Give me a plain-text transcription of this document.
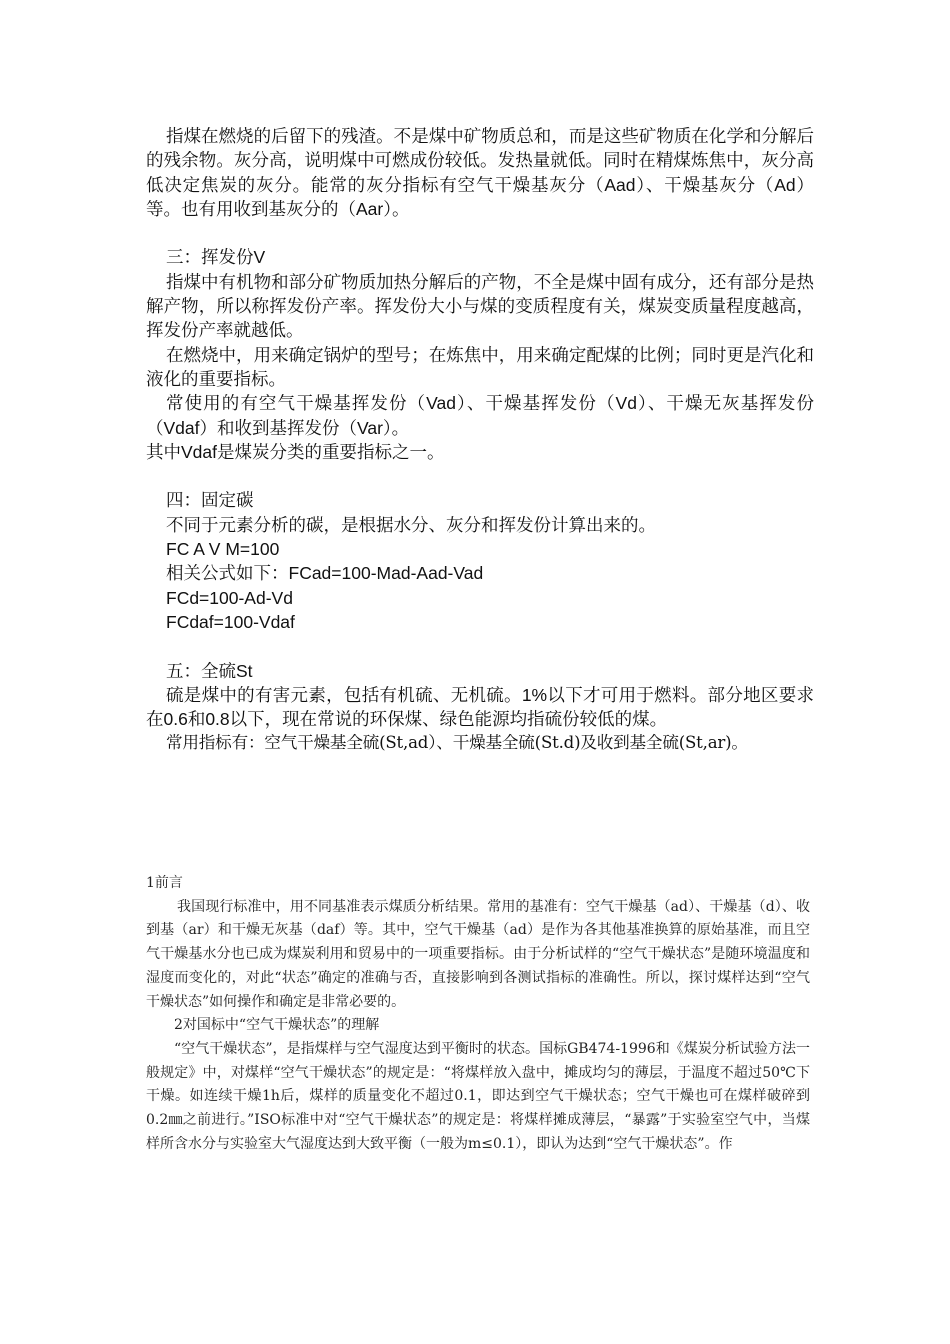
指煤在燃烧的后留下的残渣。不是煤中矿物质总和，而是这些矿物质在化学和分解后的残余物。灰分高，说明煤中可燃成份较低。发热量就低。同时在精煤炼焦中，灰分高低决定焦炭的灰分。能常的灰分指标有空气干燥基灰分（Aad）、干燥基灰分（Ad）等。也有用收到基灰分的（Aar）。

三：挥发份V

指煤中有机物和部分矿物质加热分解后的产物，不全是煤中固有成分，还有部分是热解产物，所以称挥发份产率。挥发份大小与煤的变质程度有关，煤炭变质量程度越高，挥发份产率就越低。

在燃烧中，用来确定锅炉的型号；在炼焦中，用来确定配煤的比例；同时更是汽化和液化的重要指标。

常使用的有空气干燥基挥发份（Vad）、干燥基挥发份（Vd）、干燥无灰基挥发份（Vdaf）和收到基挥发份（Var）。

其中Vdaf是煤炭分类的重要指标之一。

四：固定碳

不同于元素分析的碳，是根据水分、灰分和挥发份计算出来的。

FC A V M=100

相关公式如下：FCad=100-Mad-Aad-Vad

FCd=100-Ad-Vd

FCdaf=100-Vdaf

五：全硫St

硫是煤中的有害元素，包括有机硫、无机硫。1%以下才可用于燃料。部分地区要求在0.6和0.8以下，现在常说的环保煤、绿色能源均指硫份较低的煤。

常用指标有：空气干燥基全硫(St,ad）、干燥基全硫(St.d)及收到基全硫(St,ar)。

1前言

我国现行标准中，用不同基准表示煤质分析结果。常用的基准有：空气干燥基（ad）、干燥基（d）、收到基（ar）和干燥无灰基（daf）等。其中，空气干燥基（ad）是作为各其他基准换算的原始基准，而且空气干燥基水分也已成为煤炭利用和贸易中的一项重要指标。由于分析试样的“空气干燥状态”是随环境温度和湿度而变化的，对此“状态”确定的准确与否，直接影响到各测试指标的准确性。所以，探讨煤样达到“空气干燥状态”如何操作和确定是非常必要的。

2对国标中“空气干燥状态”的理解

“空气干燥状态”，是指煤样与空气湿度达到平衡时的状态。国标GB474-1996和《煤炭分析试验方法一般规定》中，对煤样“空气干燥状态”的规定是：“将煤样放入盘中，摊成均匀的薄层，于温度不超过50℃下干燥。如连续干燥1h后，煤样的质量变化不超过0.1，即达到空气干燥状态；空气干燥也可在煤样破碎到0.2㎜之前进行。”ISO标准中对“空气干燥状态”的规定是：将煤样摊成薄层，“暴露”于实验室空气中，当煤样所含水分与实验室大气湿度达到大致平衡（一般为m≤0.1），即认为达到“空气干燥状态”。作
